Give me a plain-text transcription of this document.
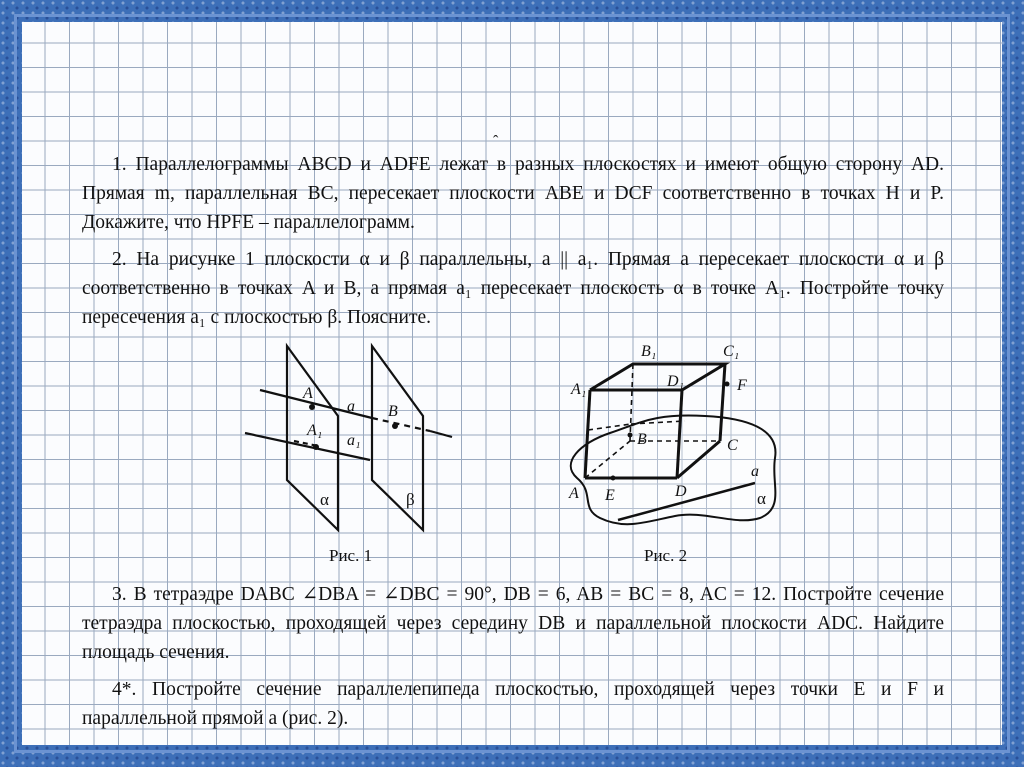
ˆ

1. Параллелограммы ABCD и ADFE лежат в разных плоскостях и имеют общую сторону AD. Прямая m, параллельная BC, пересекает плоскости ABE и DCF соответственно в точках H и P. Докажите, что HPFE – параллелограмм.

2. На рисунке 1 плоскости α и β параллельны, a || a₁. Прямая a пересекает плоскости α и β соответственно в точках A и B, а прямая a₁ пересекает плоскость α в точке A₁. Постройте точку пересечения a₁ с плоскостью β. Поясните.

A
a B
A₁
a₁
α	β
B₁	C₁
D₁
A₁	F
B	C
a
A E	D	α
Рис. 1	Рис. 2

3. В тетраэдре DABC ∠DBA = ∠DBC = 90°, DB = 6, AB = BC = 8, AC = 12. Постройте сечение тетраэдра плоскостью, проходящей через середину DB и параллельной плоскости ADC. Найдите площадь сечения.

4*. Постройте сечение параллелепипеда плоскостью, проходящей через точки E и F и параллельной прямой a (рис. 2).
